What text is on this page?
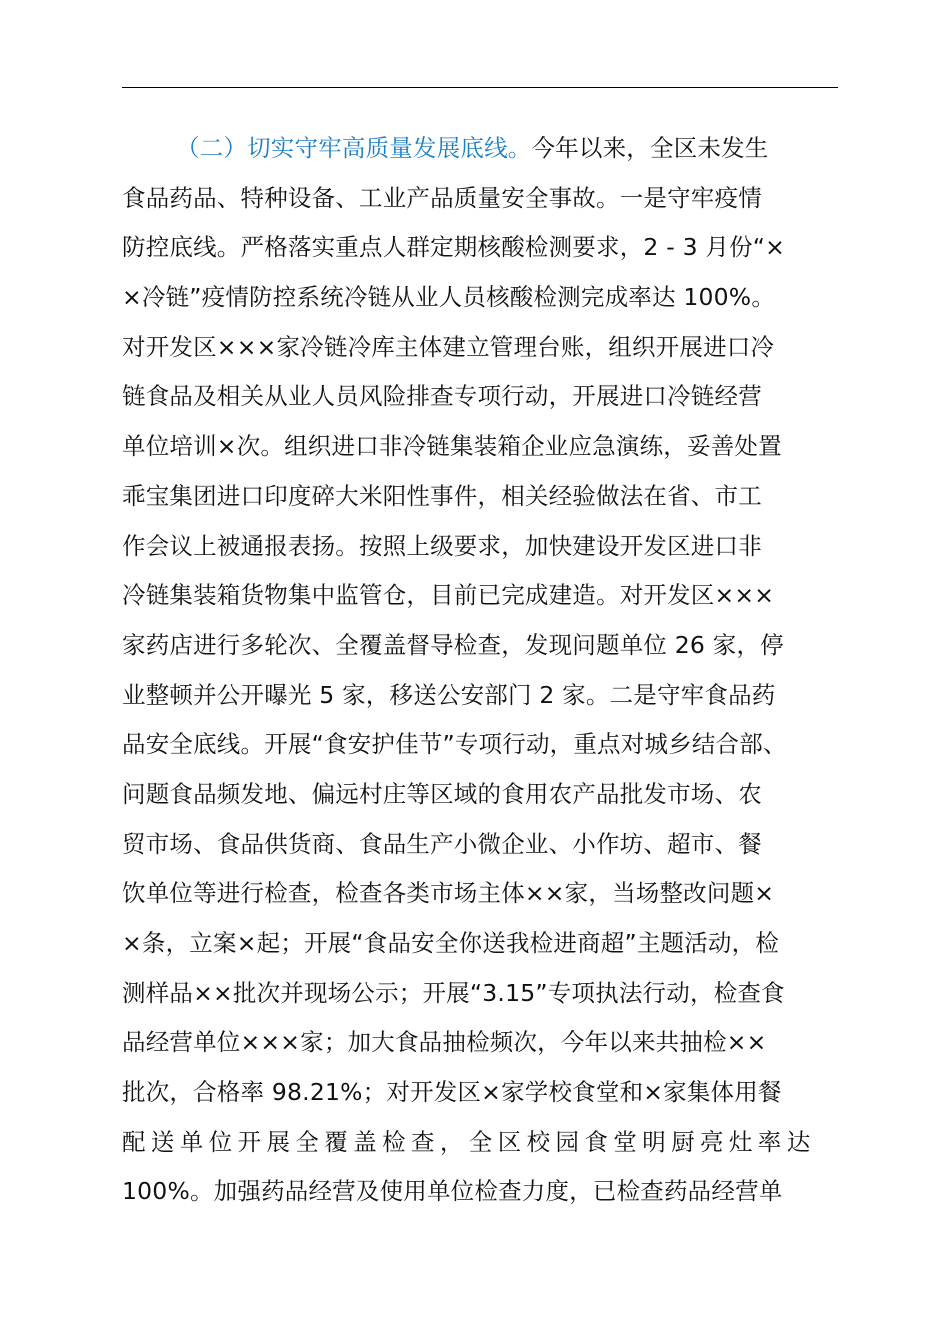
（二）切实守牢高质量发展底线。今年以来，全区未发生
食品药品、特种设备、工业产品质量安全事故。一是守牢疫情
防控底线。严格落实重点人群定期核酸检测要求，2 - 3 月份“×
×冷链”疫情防控系统冷链从业人员核酸检测完成率达 100%。
对开发区×××家冷链冷库主体建立管理台账，组织开展进口冷
链食品及相关从业人员风险排查专项行动，开展进口冷链经营
单位培训×次。组织进口非冷链集装箱企业应急演练，妥善处置
乖宝集团进口印度碎大米阳性事件，相关经验做法在省、市工
作会议上被通报表扬。按照上级要求，加快建设开发区进口非
冷链集装箱货物集中监管仓，目前已完成建造。对开发区×××
家药店进行多轮次、全覆盖督导检查，发现问题单位 26 家，停
业整顿并公开曝光 5 家，移送公安部门 2 家。二是守牢食品药
品安全底线。开展“食安护佳节”专项行动，重点对城乡结合部、
问题食品频发地、偏远村庄等区域的食用农产品批发市场、农
贸市场、食品供货商、食品生产小微企业、小作坊、超市、餐
饮单位等进行检查，检查各类市场主体××家，当场整改问题×
×条，立案×起；开展“食品安全你送我检进商超”主题活动，检
测样品××批次并现场公示；开展“3.15”专项执法行动，检查食
品经营单位×××家；加大食品抽检频次，今年以来共抽检××
批次，合格率 98.21%；对开发区×家学校食堂和×家集体用餐
配送单位开展全覆盖检查，全区校园食堂明厨亮灶率达
100%。加强药品经营及使用单位检查力度，已检查药品经营单
